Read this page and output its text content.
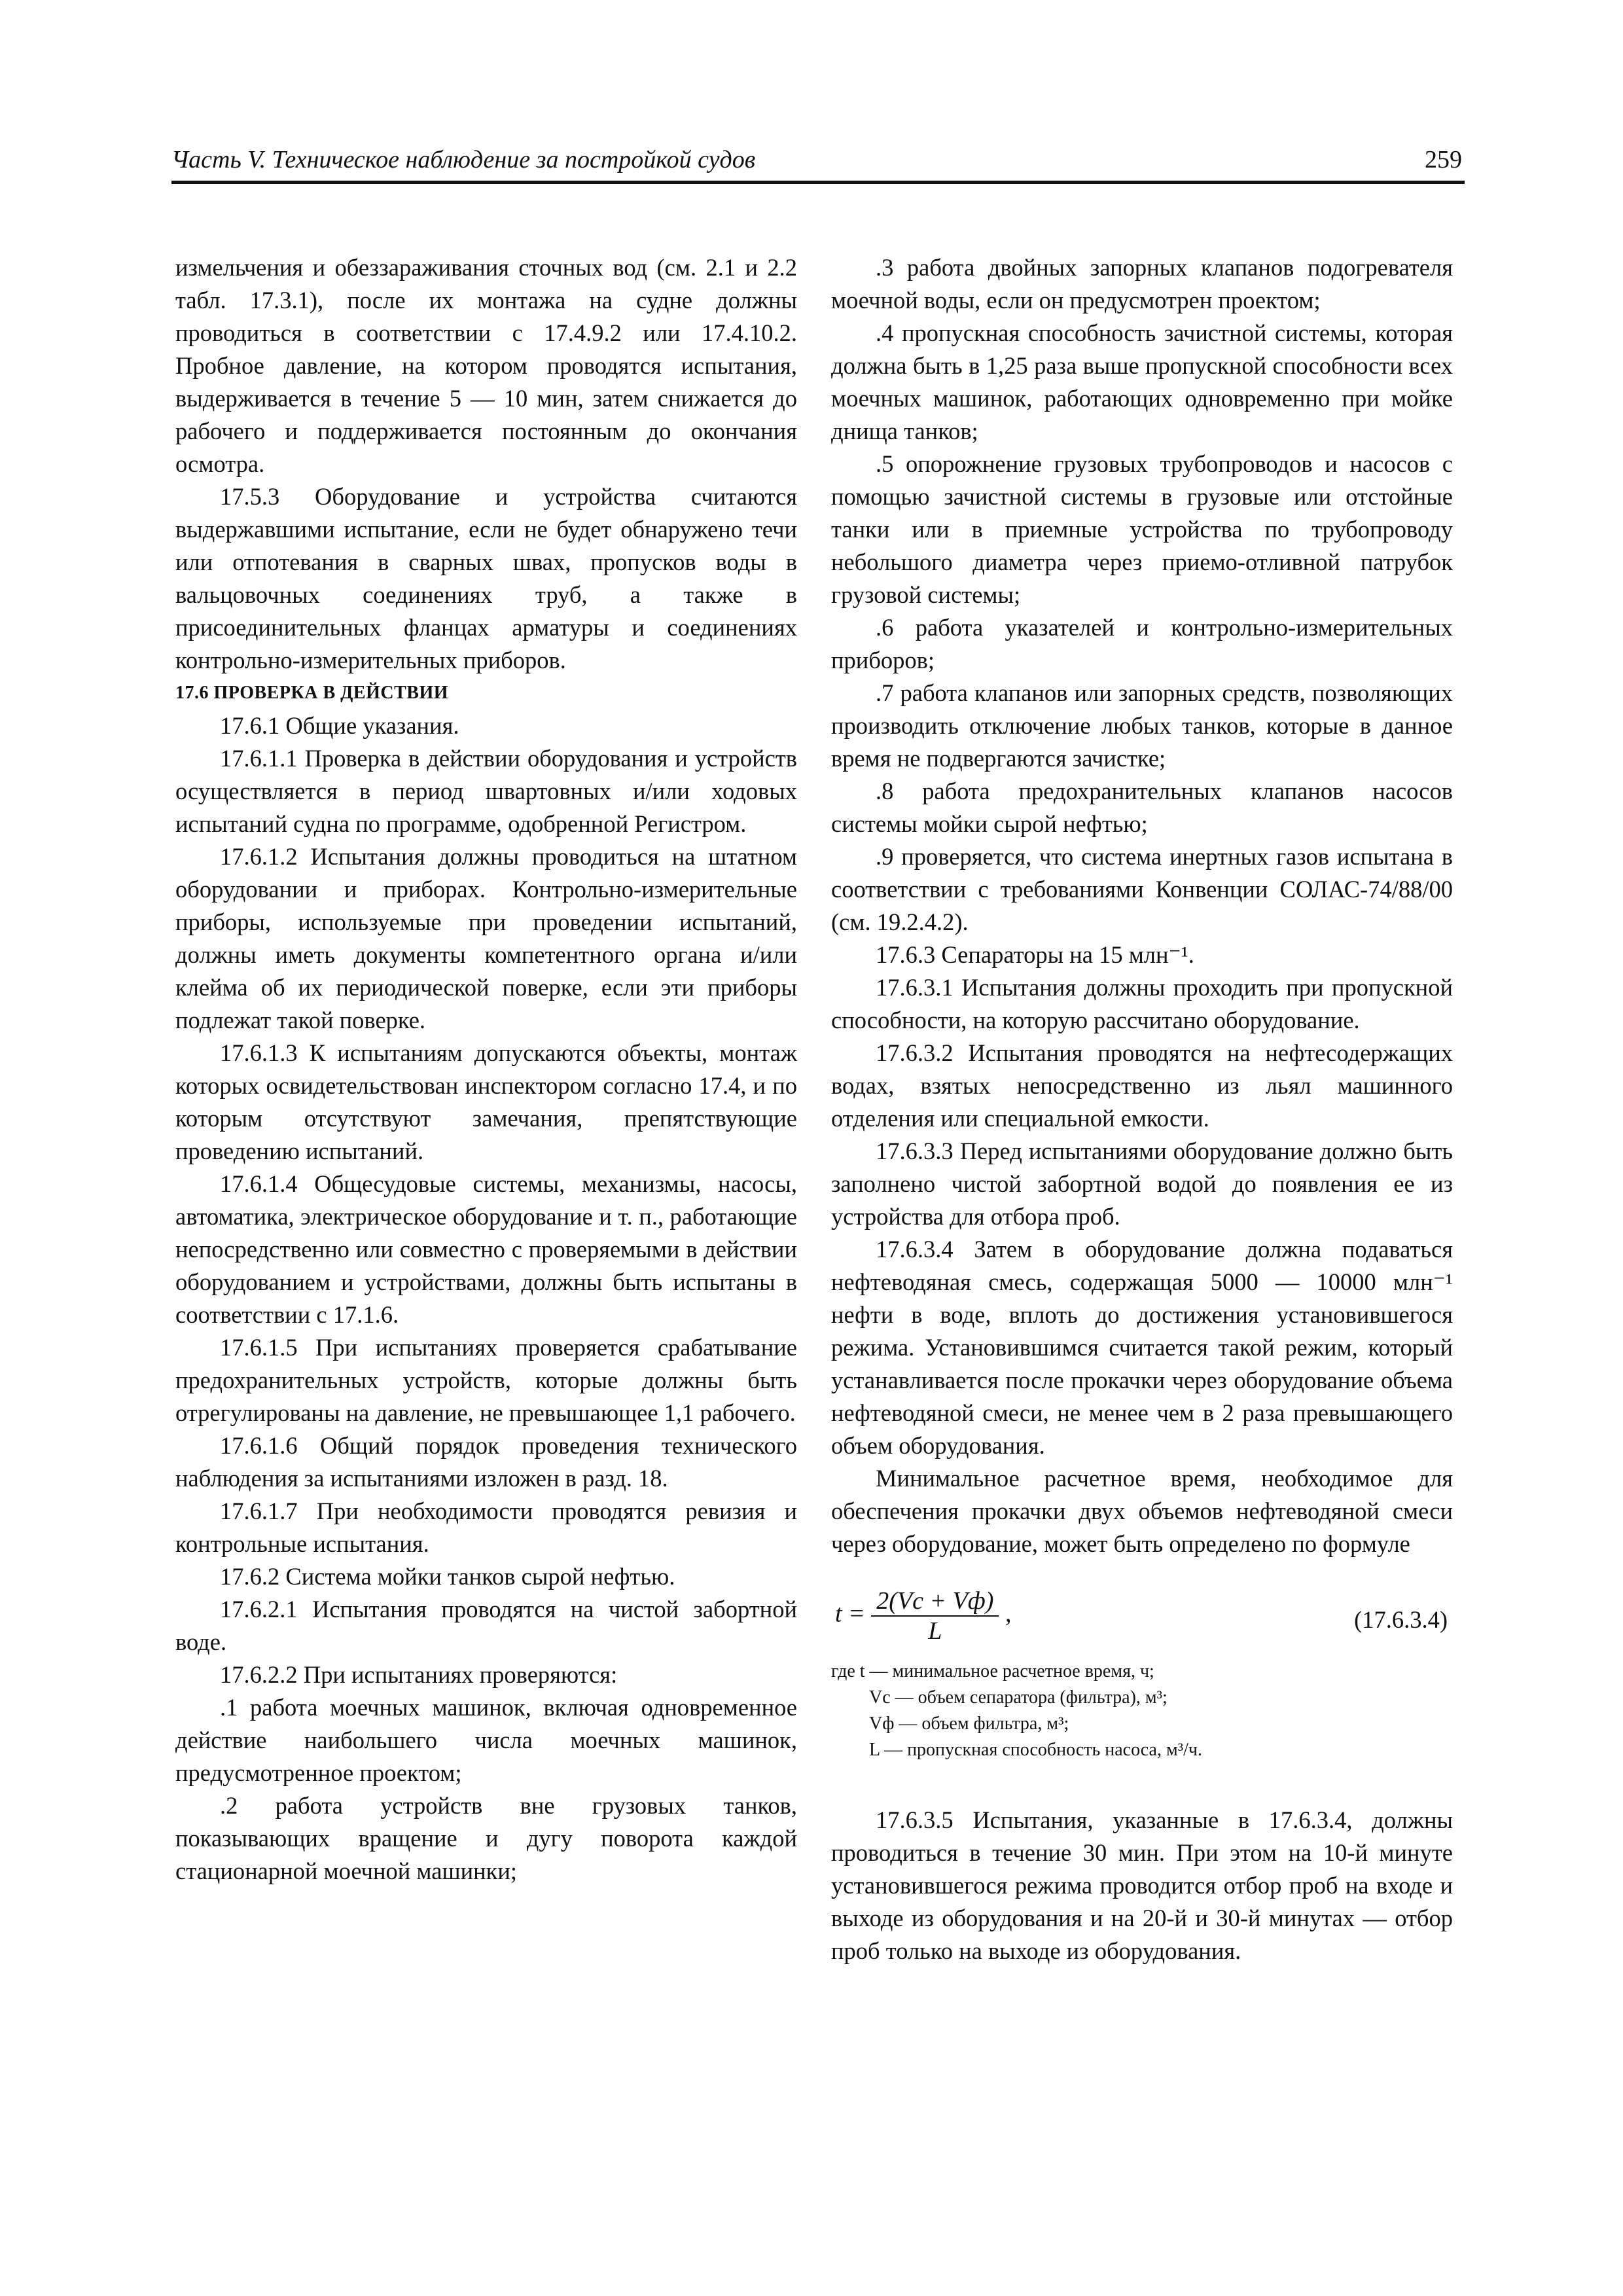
Часть V. Техническое наблюдение за постройкой судов	259

измельчения и обеззараживания сточных вод (см. 2.1 и 2.2 табл. 17.3.1), после их монтажа на судне должны проводиться в соответствии с 17.4.9.2 или 17.4.10.2. Пробное давление, на котором проводятся испытания, выдерживается в течение 5 — 10 мин, затем снижается до рабочего и поддерживается постоянным до окончания осмотра.

17.5.3 Оборудование и устройства считаются выдержавшими испытание, если не будет обнаружено течи или отпотевания в сварных швах, пропусков воды в вальцовочных соединениях труб, а также в присоединительных фланцах арматуры и соединениях контрольно-измерительных приборов.

17.6 ПРОВЕРКА В ДЕЙСТВИИ

17.6.1 Общие указания.

17.6.1.1 Проверка в действии оборудования и устройств осуществляется в период швартовных и/или ходовых испытаний судна по программе, одобренной Регистром.

17.6.1.2 Испытания должны проводиться на штатном оборудовании и приборах. Контрольно-измерительные приборы, используемые при проведении испытаний, должны иметь документы компетентного органа и/или клейма об их периодической поверке, если эти приборы подлежат такой поверке.

17.6.1.3 К испытаниям допускаются объекты, монтаж которых освидетельствован инспектором согласно 17.4, и по которым отсутствуют замечания, препятствующие проведению испытаний.

17.6.1.4 Общесудовые системы, механизмы, насосы, автоматика, электрическое оборудование и т. п., работающие непосредственно или совместно с проверяемыми в действии оборудованием и устройствами, должны быть испытаны в соответствии с 17.1.6.

17.6.1.5 При испытаниях проверяется срабатывание предохранительных устройств, которые должны быть отрегулированы на давление, не превышающее 1,1 рабочего.

17.6.1.6 Общий порядок проведения технического наблюдения за испытаниями изложен в разд. 18.

17.6.1.7 При необходимости проводятся ревизия и контрольные испытания.

17.6.2 Система мойки танков сырой нефтью.

17.6.2.1 Испытания проводятся на чистой забортной воде.

17.6.2.2 При испытаниях проверяются:

.1 работа моечных машинок, включая одновременное действие наибольшего числа моечных машинок, предусмотренное проектом;

.2 работа устройств вне грузовых танков, показывающих вращение и дугу поворота каждой стационарной моечной машинки;

.3 работа двойных запорных клапанов подогревателя моечной воды, если он предусмотрен проектом;

.4 пропускная способность зачистной системы, которая должна быть в 1,25 раза выше пропускной способности всех моечных машинок, работающих одновременно при мойке днища танков;

.5 опорожнение грузовых трубопроводов и насосов с помощью зачистной системы в грузовые или отстойные танки или в приемные устройства по трубопроводу небольшого диаметра через приемо-отливной патрубок грузовой системы;

.6 работа указателей и контрольно-измерительных приборов;

.7 работа клапанов или запорных средств, позволяющих производить отключение любых танков, которые в данное время не подвергаются зачистке;

.8 работа предохранительных клапанов насосов системы мойки сырой нефтью;

.9 проверяется, что система инертных газов испытана в соответствии с требованиями Конвенции СОЛАС-74/88/00 (см. 19.2.4.2).

17.6.3 Сепараторы на 15 млн⁻¹.

17.6.3.1 Испытания должны проходить при пропускной способности, на которую рассчитано оборудование.

17.6.3.2 Испытания проводятся на нефтесодержащих водах, взятых непосредственно из льял машинного отделения или специальной емкости.

17.6.3.3 Перед испытаниями оборудование должно быть заполнено чистой забортной водой до появления ее из устройства для отбора проб.

17.6.3.4 Затем в оборудование должна подаваться нефтеводяная смесь, содержащая 5000 — 10000 млн⁻¹ нефти в воде, вплоть до достижения установившегося режима. Установившимся считается такой режим, который устанавливается после прокачки через оборудование объема нефтеводяной смеси, не менее чем в 2 раза превышающего объем оборудования.

Минимальное расчетное время, необходимое для обеспечения прокачки двух объемов нефтеводяной смеси через оборудование, может быть определено по формуле

$t = \frac{2(Vс + Vф)}{L}$ ,	(17.6.3.4)
где t — минимальное расчетное время, ч;
Vс — объем сепаратора (фильтра), м³;
Vф — объем фильтра, м³;
L — пропускная способность насоса, м³/ч.

17.6.3.5 Испытания, указанные в 17.6.3.4, должны проводиться в течение 30 мин. При этом на 10-й минуте установившегося режима проводится отбор проб на входе и выходе из оборудования и на 20-й и 30-й минутах — отбор проб только на выходе из оборудования.
